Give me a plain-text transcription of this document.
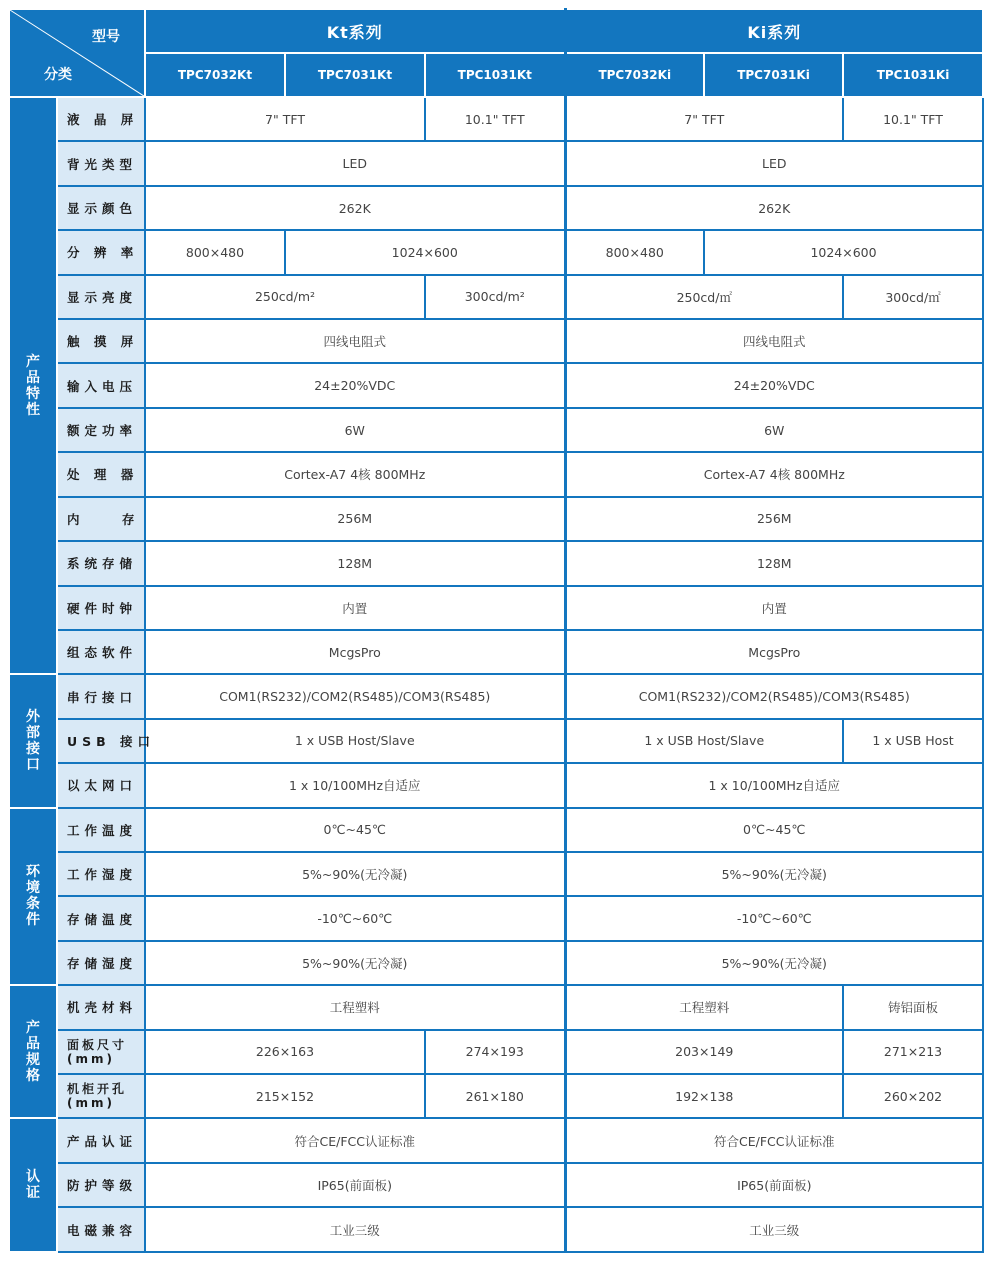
型号
分类		Kt系列			Ki系列		
		TPC7032Kt	TPC7031Kt	TPC1031Kt	TPC7032Ki	TPC7031Ki	TPC1031Ki
产品特性	液 晶 屏	7" TFT		10.1" TFT	7" TFT		10.1" TFT
	背光类型	LED			LED		
	显示颜色	262K			262K		
	分 辨 率	800×480	1024×600		800×480	1024×600	
	显示亮度	250cd/m²		300cd/m²	250cd/㎡		300cd/㎡
	触 摸 屏	四线电阻式			四线电阻式		
	输入电压	24±20%VDC			24±20%VDC		
	额定功率	6W			6W		
	处 理 器	Cortex-A7 4核 800MHz			Cortex-A7 4核 800MHz		
	内    存	256M			256M		
	系统存储	128M			128M		
	硬件时钟	内置			内置		
	组态软件	McgsPro			McgsPro		
外部接口	串行接口	COM1(RS232)/COM2(RS485)/COM3(RS485)			COM1(RS232)/COM2(RS485)/COM3(RS485)		
	USB 接口	1 x USB Host/Slave			1 x USB Host/Slave		1 x USB Host
	以太网口	1 x 10/100MHz自适应			1 x 10/100MHz自适应		
环境条件	工作温度	0℃~45℃			0℃~45℃		
	工作湿度	5%~90%(无冷凝)			5%~90%(无冷凝)		
	存储温度	-10℃~60℃			-10℃~60℃		
	存储湿度	5%~90%(无冷凝)			5%~90%(无冷凝)		
产品规格	机壳材料	工程塑料			工程塑料		铸铝面板
	面板尺寸(mm)	226×163		274×193	203×149		271×213
	机柜开孔(mm)	215×152		261×180	192×138		260×202
认证	产品认证	符合CE/FCC认证标准			符合CE/FCC认证标准		
	防护等级	IP65(前面板)			IP65(前面板)		
	电磁兼容	工业三级			工业三级		
